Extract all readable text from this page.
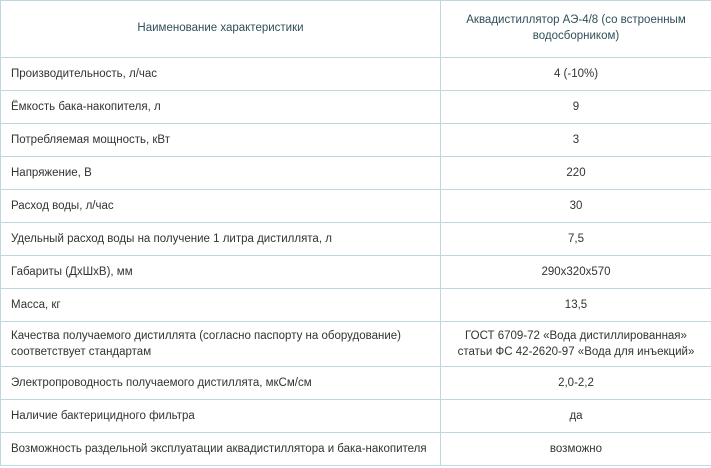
Наименование характеристики	Аквадистиллятор АЭ-4/8 (со встроенным водосборником)
Производительность, л/час	4 (-10%)
Ёмкость бака-накопителя, л	9
Потребляемая мощность, кВт	3
Напряжение, В	220
Расход воды, л/час	30
Удельный расход воды на получение 1 литра дистиллята, л	7,5
Габариты (ДхШхВ), мм	290х320х570
Масса, кг	13,5
Качества получаемого дистиллята (согласно паспорту на оборудование) соответствует стандартам	ГОСТ 6709-72 «Вода дистиллированная» статьи ФС 42-2620-97 «Вода для инъекций»
Электропроводность получаемого дистиллята, мкСм/см	2,0-2,2
Наличие бактерицидного фильтра	да
Возможность раздельной эксплуатации аквадистиллятора и бака-накопителя	возможно
